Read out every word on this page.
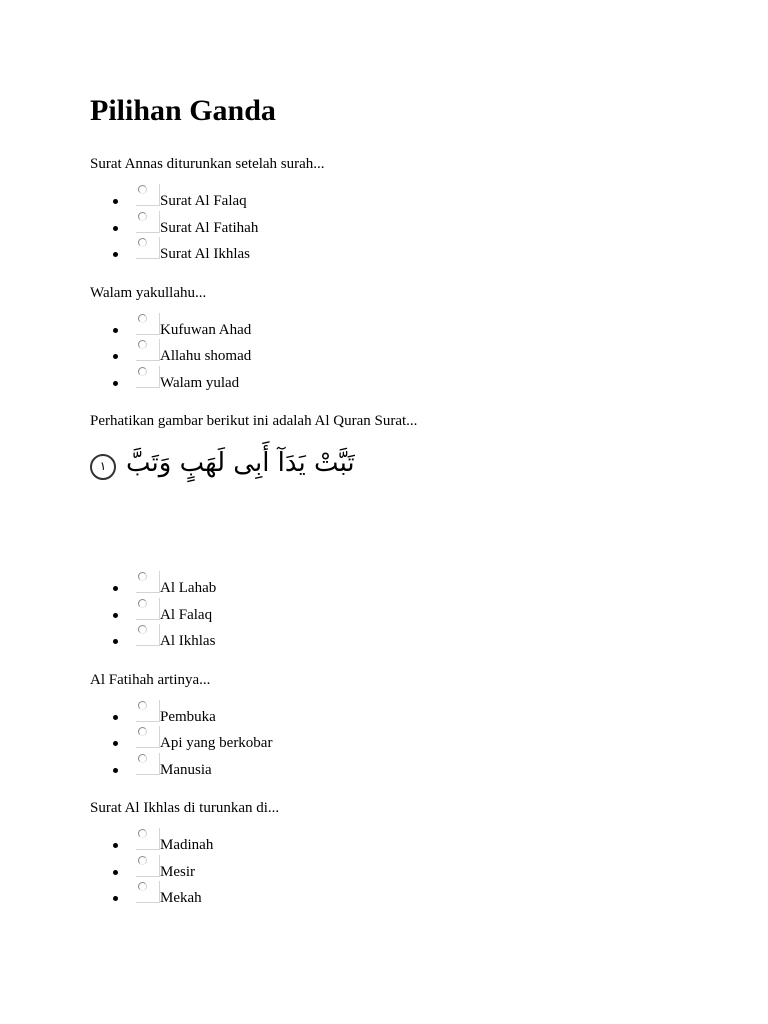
Pilihan Ganda

Surat Annas diturunkan setelah surah...

Surat Al Falaq
Surat Al Fatihah
Surat Al Ikhlas

Walam yakullahu...

Kufuwan Ahad
Allahu shomad
Walam yulad

Perhatikan gambar berikut ini adalah Al Quran Surat...

١ تَبَّتْ يَدَآ أَبِى لَهَبٍ وَتَبَّ
Al Lahab
Al Falaq
Al Ikhlas

Al Fatihah artinya...

Pembuka
Api yang berkobar
Manusia

Surat Al Ikhlas di turunkan di...

Madinah
Mesir
Mekah
